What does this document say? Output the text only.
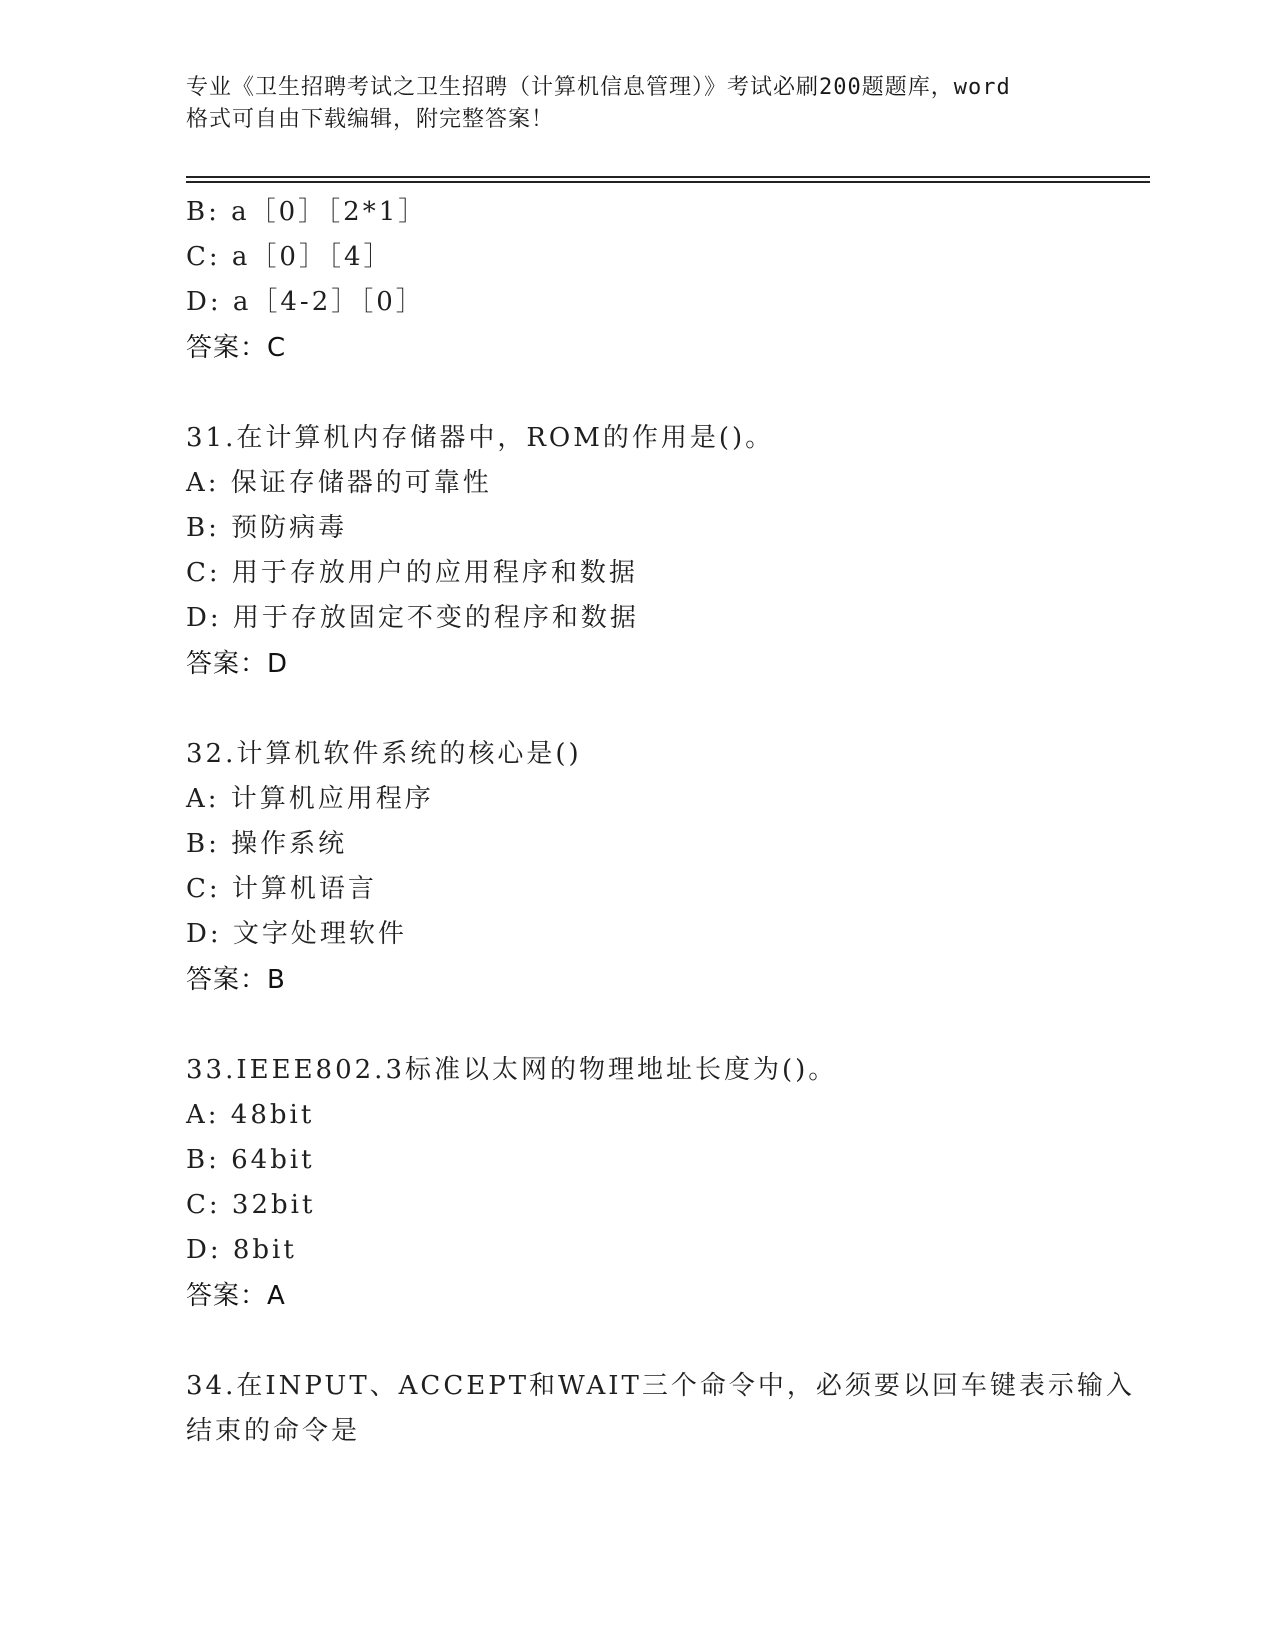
专业《卫生招聘考试之卫生招聘（计算机信息管理）》考试必刷200题题库，word
格式可自由下载编辑，附完整答案！
B: a［0］［2*1］
C: a［0］［4］
D: a［4-2］［0］
答案：C
31.在计算机内存储器中，ROM的作用是()。
A: 保证存储器的可靠性
B: 预防病毒
C: 用于存放用户的应用程序和数据
D: 用于存放固定不变的程序和数据
答案：D
32.计算机软件系统的核心是()
A: 计算机应用程序
B: 操作系统
C: 计算机语言
D: 文字处理软件
答案：B
33.IEEE802.3标准以太网的物理地址长度为()。
A: 48bit
B: 64bit
C: 32bit
D: 8bit
答案：A
34.在INPUT、ACCEPT和WAIT三个命令中，必须要以回车键表示输入
结束的命令是
